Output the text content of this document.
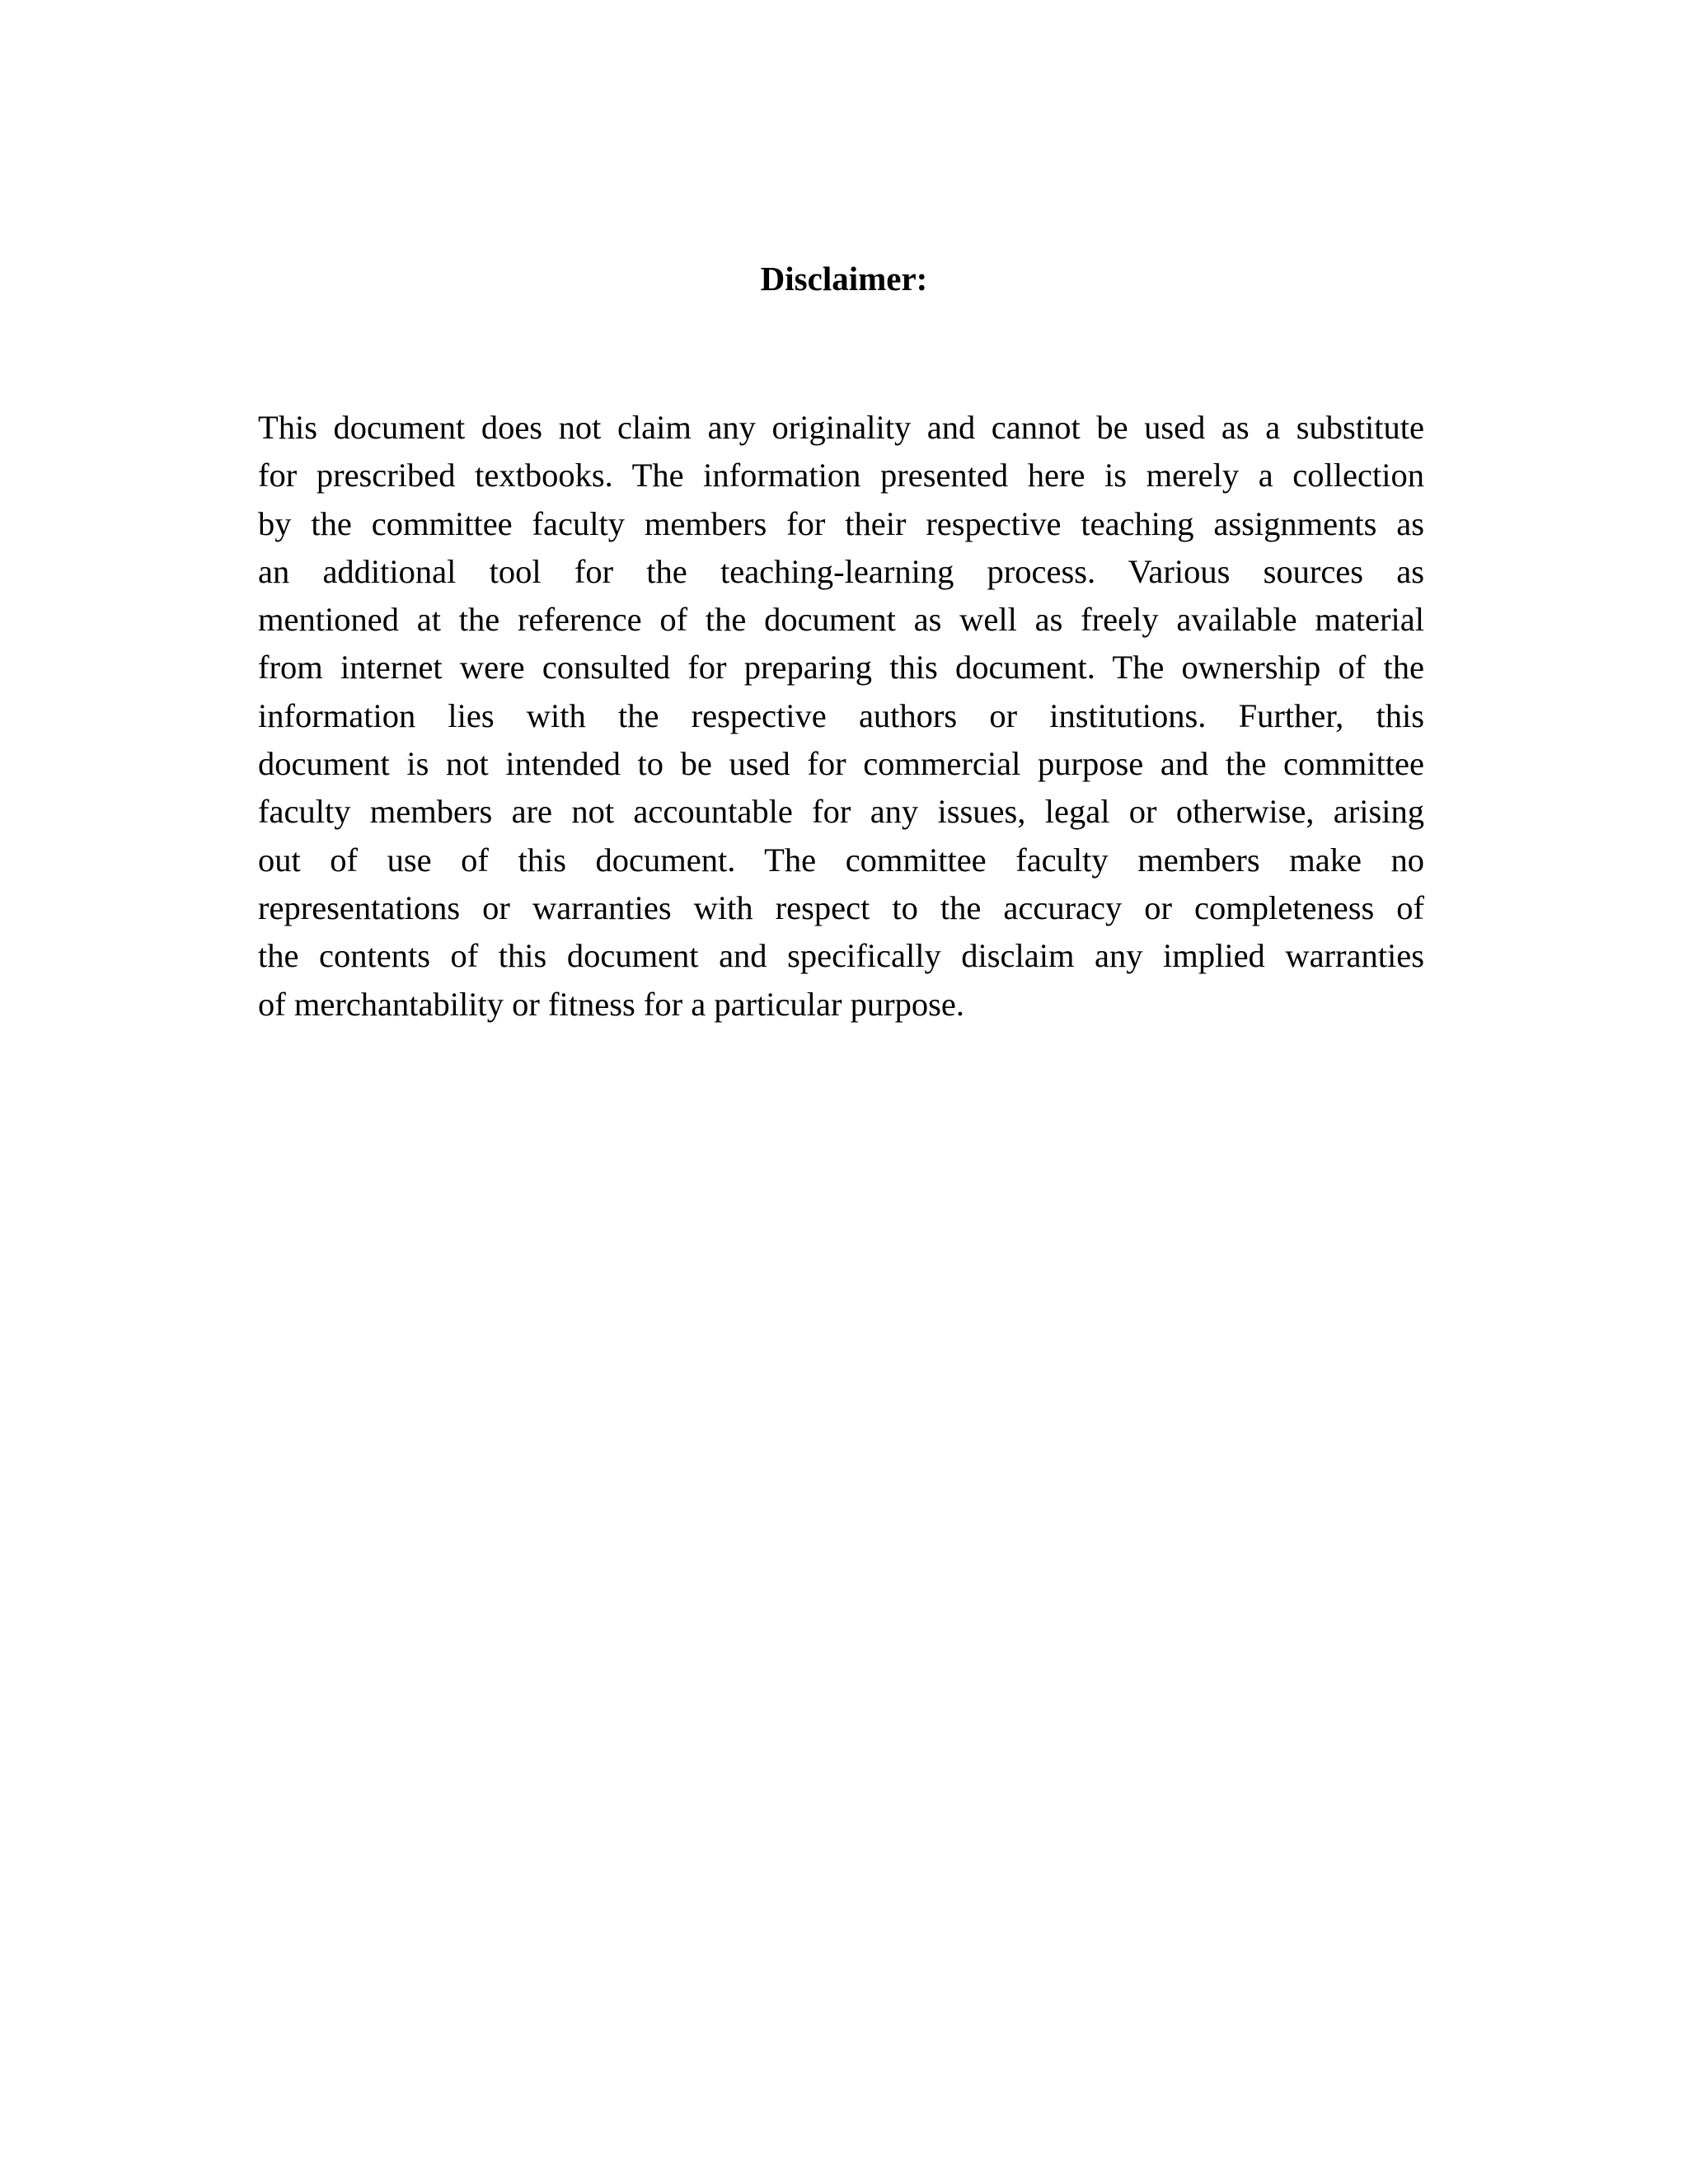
Disclaimer:
This document does not claim any originality and cannot be used as a substitute
for prescribed textbooks. The information presented here is merely a collection
by the committee faculty members for their respective teaching assignments as
an additional tool for the teaching-learning process. Various sources as
mentioned at the reference of the document as well as freely available material
from internet were consulted for preparing this document. The ownership of the
information lies with the respective authors or institutions. Further, this
document is not intended to be used for commercial purpose and the committee
faculty members are not accountable for any issues, legal or otherwise, arising
out of use of this document. The committee faculty members make no
representations or warranties with respect to the accuracy or completeness of
the contents of this document and specifically disclaim any implied warranties
of merchantability or fitness for a particular purpose.
